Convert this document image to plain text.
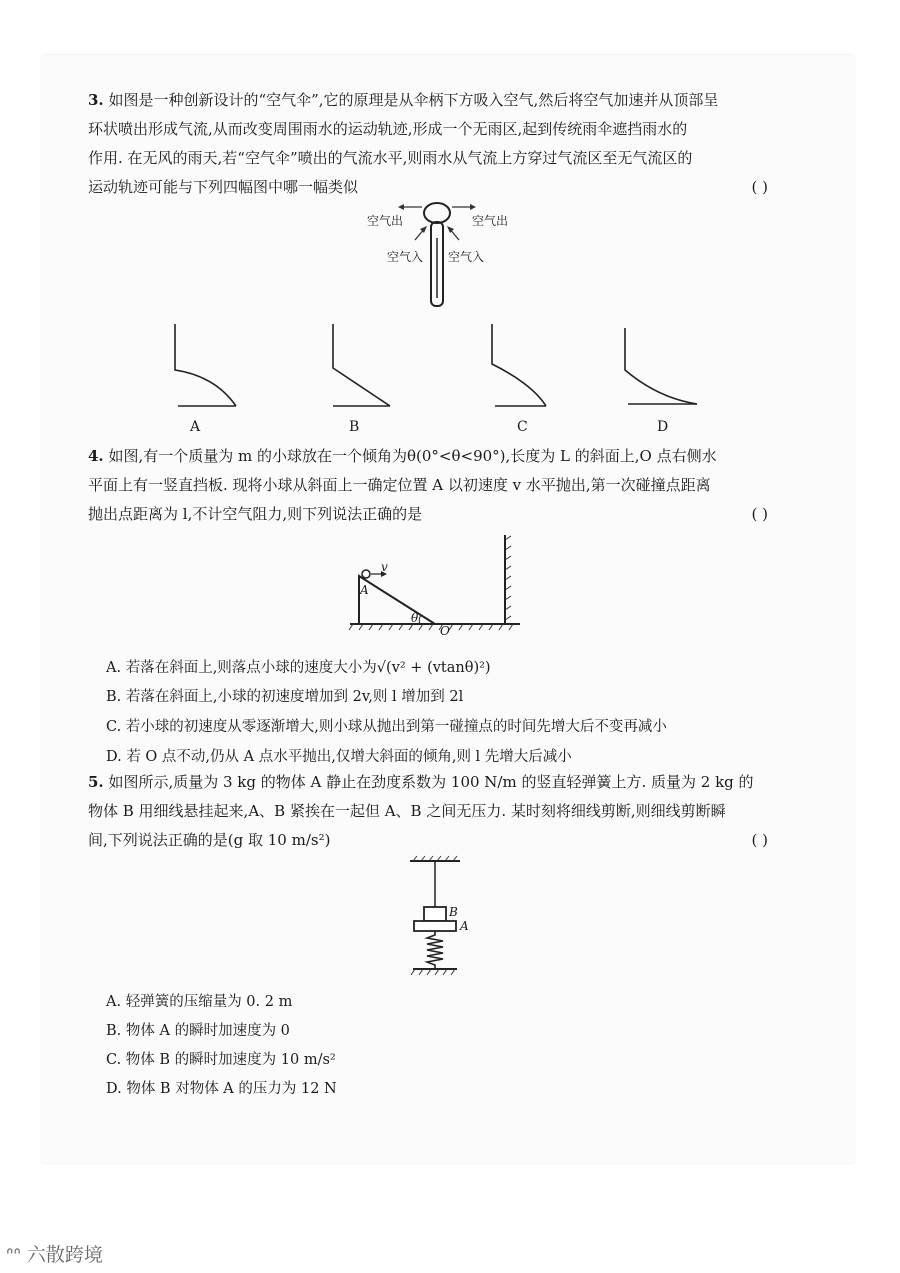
3. 如图是一种创新设计的“空气伞”,它的原理是从伞柄下方吸入空气,然后将空气加速并从顶部呈

环状喷出形成气流,从而改变周围雨水的运动轨迹,形成一个无雨区,起到传统雨伞遮挡雨水的

作用. 在无风的雨天,若“空气伞”喷出的气流水平,则雨水从气流上方穿过气流区至无气流区的

运动轨迹可能与下列四幅图中哪一幅类似	( )

空气出	空气出
空气入 空气入
A	B	C	D

4. 如图,有一个质量为 m 的小球放在一个倾角为θ(0°<θ<90°),长度为 L 的斜面上,O 点右侧水

平面上有一竖直挡板. 现将小球从斜面上一确定位置 A 以初速度 v 水平抛出,第一次碰撞点距离

抛出点距离为 l,不计空气阻力,则下列说法正确的是	( )

v
A
θ
O
A. 若落在斜面上,则落点小球的速度大小为√(v² + (vtanθ)²)
B. 若落在斜面上,小球的初速度增加到 2v,则 l 增加到 2l
C. 若小球的初速度从零逐渐增大,则小球从抛出到第一碰撞点的时间先增大后不变再减小
D. 若 O 点不动,仍从 A 点水平抛出,仅增大斜面的倾角,则 l 先增大后减小

5. 如图所示,质量为 3 kg 的物体 A 静止在劲度系数为 100 N/m 的竖直轻弹簧上方. 质量为 2 kg 的

物体 B 用细线悬挂起来,A、B 紧挨在一起但 A、B 之间无压力. 某时刻将细线剪断,则细线剪断瞬

间,下列说法正确的是(g 取 10 m/s²)	( )

B
A
A. 轻弹簧的压缩量为 0. 2 m
B. 物体 A 的瞬时加速度为 0
C. 物体 B 的瞬时加速度为 10 m/s²
D. 物体 B 对物体 A 的压力为 12 N
ᐢᐢ 六散跨境
